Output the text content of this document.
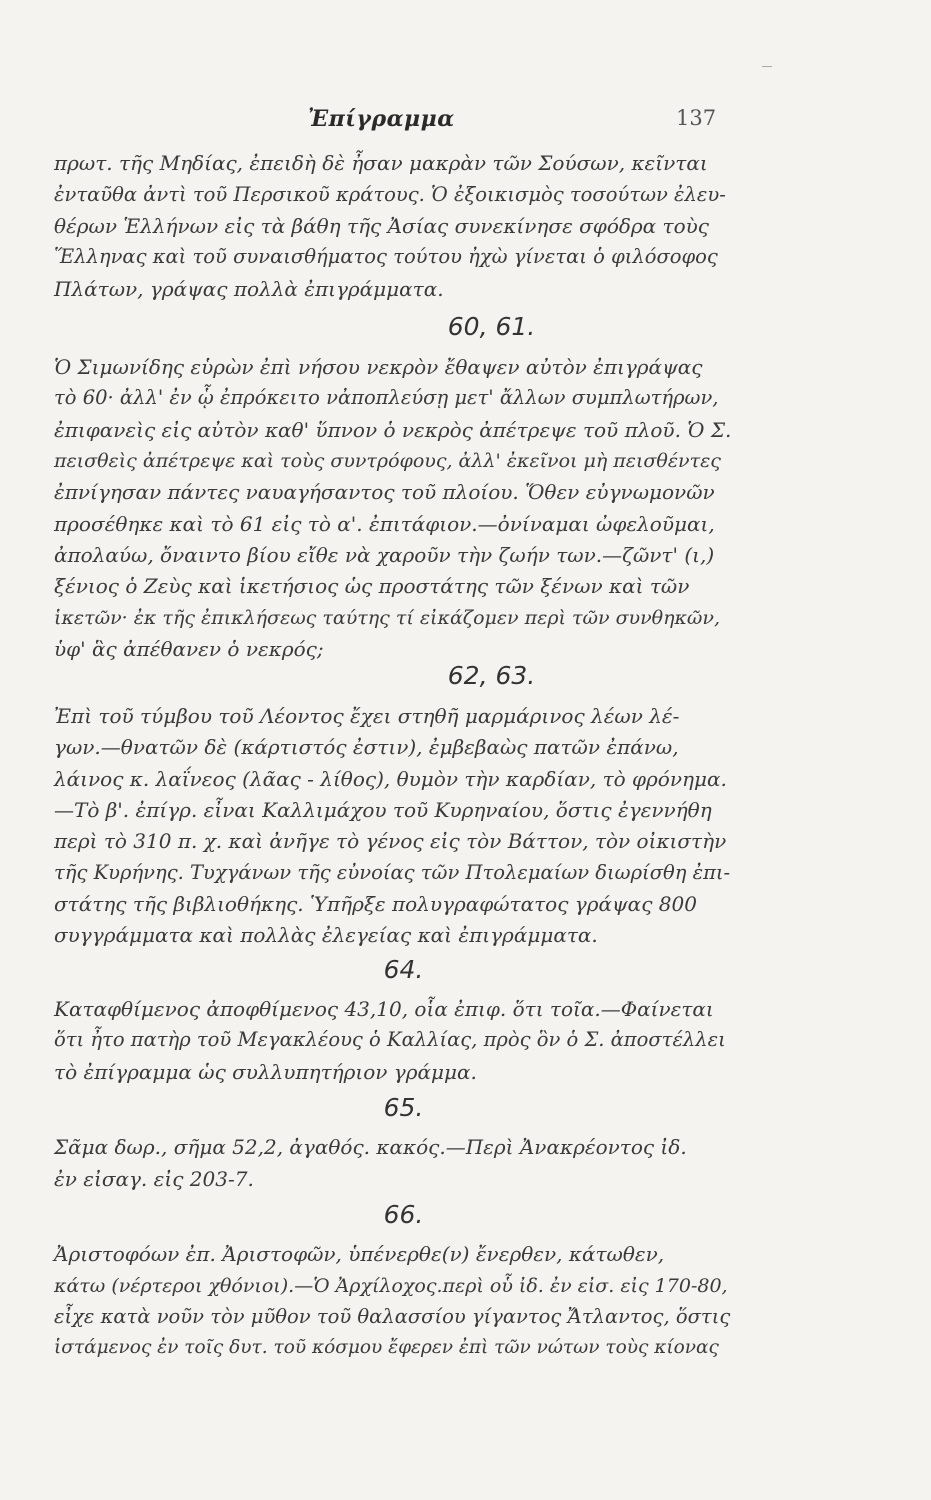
Ἐπίγραμμα	137
πρωτ. τῆς Μηδίας, ἐπειδὴ δὲ ἦσαν μακρὰν τῶν Σούσων, κεῖνται
ἐνταῦθα ἀντὶ τοῦ Περσικοῦ κράτους. Ὁ ἐξοικισμὸς τοσούτων ἐλευ-
θέρων Ἑλλήνων εἰς τὰ βάθη τῆς Ἀσίας συνεκίνησε σφόδρα τοὺς
Ἕλληνας καὶ τοῦ συναισθήματος τούτου ἠχὼ γίνεται ὁ φιλόσοφος
Πλάτων, γράψας πολλὰ ἐπιγράμματα.
60, 61.
Ὁ Σιμωνίδης εὑρὼν ἐπὶ νήσου νεκρὸν ἔθαψεν αὐτὸν ἐπιγράψας
τὸ 60· ἀλλ' ἐν ᾧ ἐπρόκειτο νἀποπλεύσῃ μετ' ἄλλων συμπλωτήρων,
ἐπιφανεὶς εἰς αὐτὸν καθ' ὕπνον ὁ νεκρὸς ἀπέτρεψε τοῦ πλοῦ. Ὁ Σ.
πεισθεὶς ἀπέτρεψε καὶ τοὺς συντρόφους, ἀλλ' ἐκεῖνοι μὴ πεισθέντες
ἐπνίγησαν πάντες ναυαγήσαντος τοῦ πλοίου. Ὅθεν εὐγνωμονῶν
προσέθηκε καὶ τὸ 61 εἰς τὸ α'. ἐπιτάφιον.—ὀνίναμαι ὠφελοῦμαι,
ἀπολαύω, ὄναιντο βίου εἴθε νὰ χαροῦν τὴν ζωήν των.—ζῶντ' (ι,)
ξένιος ὁ Ζεὺς καὶ ἱκετήσιος ὡς προστάτης τῶν ξένων καὶ τῶν
ἱκετῶν· ἐκ τῆς ἐπικλήσεως ταύτης τί εἰκάζομεν περὶ τῶν συνθηκῶν,
ὑφ' ἃς ἀπέθανεν ὁ νεκρός;
62, 63.
Ἐπὶ τοῦ τύμβου τοῦ Λέοντος ἔχει στηθῆ μαρμάρινος λέων λέ-
γων.—θνατῶν δὲ (κάρτιστός ἐστιν), ἐμβεβαὼς πατῶν ἐπάνω,
λάινος κ. λαΐνεος (λᾶας - λίθος), θυμὸν τὴν καρδίαν, τὸ φρόνημα.
—Τὸ β'. ἐπίγρ. εἶναι Καλλιμάχου τοῦ Κυρηναίου, ὅστις ἐγεννήθη
περὶ τὸ 310 π. χ. καὶ ἀνῆγε τὸ γένος εἰς τὸν Βάττον, τὸν οἰκιστὴν
τῆς Κυρήνης. Τυχγάνων τῆς εὐνοίας τῶν Πτολεμαίων διωρίσθη ἐπι-
στάτης τῆς βιβλιοθήκης. Ὑπῆρξε πολυγραφώτατος γράψας 800
συγγράμματα καὶ πολλὰς ἐλεγείας καὶ ἐπιγράμματα.
64.
Καταφθίμενος ἀποφθίμενος 43,10, οἷα ἐπιφ. ὅτι τοῖα.—Φαίνεται
ὅτι ἦτο πατὴρ τοῦ Μεγακλέους ὁ Καλλίας, πρὸς ὃν ὁ Σ. ἀποστέλλει
τὸ ἐπίγραμμα ὡς συλλυπητήριον γράμμα.
65.
Σᾶμα δωρ., σῆμα 52,2, ἀγαθός. κακός.—Περὶ Ἀνακρέοντος ἰδ.
ἐν εἰσαγ. εἰς 203-7.
66.
Ἀριστοφόων ἐπ. Ἀριστοφῶν, ὑπένερθε(ν) ἔνερθεν, κάτωθεν,
κάτω (νέρτεροι χθόνιοι).—Ὁ Ἀρχίλοχος.περὶ οὗ ἰδ. ἐν εἰσ. εἰς 170-80,
εἶχε κατὰ νοῦν τὸν μῦθον τοῦ θαλασσίου γίγαντος Ἄτλαντος, ὅστις
ἱστάμενος ἐν τοῖς δυτ. τοῦ κόσμου ἔφερεν ἐπὶ τῶν νώτων τοὺς κίονας
